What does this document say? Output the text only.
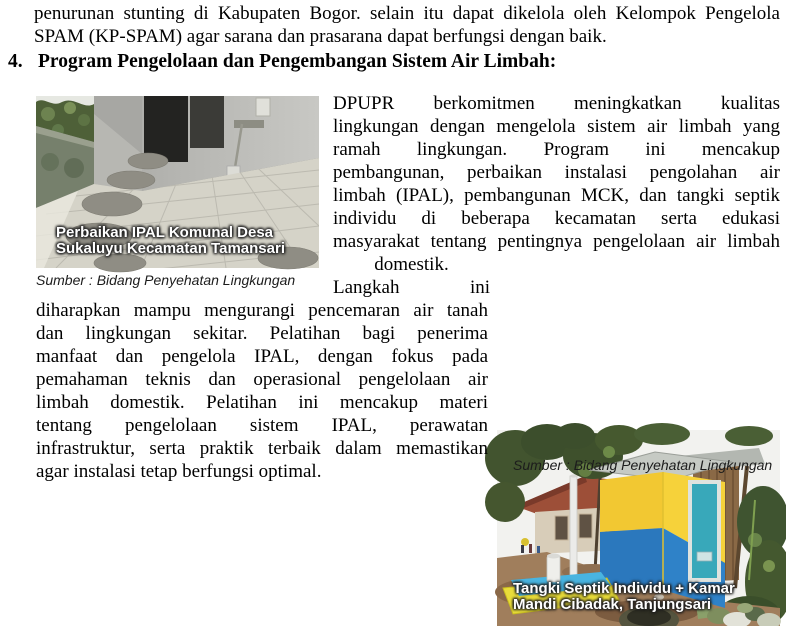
penurunan stunting di Kabupaten Bogor. selain itu dapat dikelola oleh Kelompok Pengelola
SPAM (KP-SPAM) agar sarana dan prasarana dapat berfungsi dengan baik.
4. Program Pengelolaan dan Pengembangan Sistem Air Limbah:
Perbaikan IPAL Komunal Desa
Sukaluyu Kecamatan Tamansari
Sumber : Bidang Penyehatan Lingkungan
DPUPR berkomitmen meningkatkan kualitas
lingkungan dengan mengelola sistem air limbah yang
ramah lingkungan. Program ini mencakup
pembangunan, perbaikan instalasi pengolahan air
limbah (IPAL), pembangunan MCK, dan tangki septik
individu di beberapa kecamatan serta edukasi
masyarakat tentang pentingnya pengelolaan air limbah
domestik.
Langkah ini
Tangki Septik Individu + Kamar
Mandi Cibadak, Tanjungsari
Sumber : Bidang Penyehatan Lingkungan
diharapkan mampu mengurangi pencemaran air tanah
dan lingkungan sekitar. Pelatihan bagi penerima
manfaat dan pengelola IPAL, dengan fokus pada
pemahaman teknis dan operasional pengelolaan air
limbah domestik. Pelatihan ini mencakup materi
tentang pengelolaan sistem IPAL, perawatan
infrastruktur, serta praktik terbaik dalam memastikan
agar instalasi tetap berfungsi optimal.
